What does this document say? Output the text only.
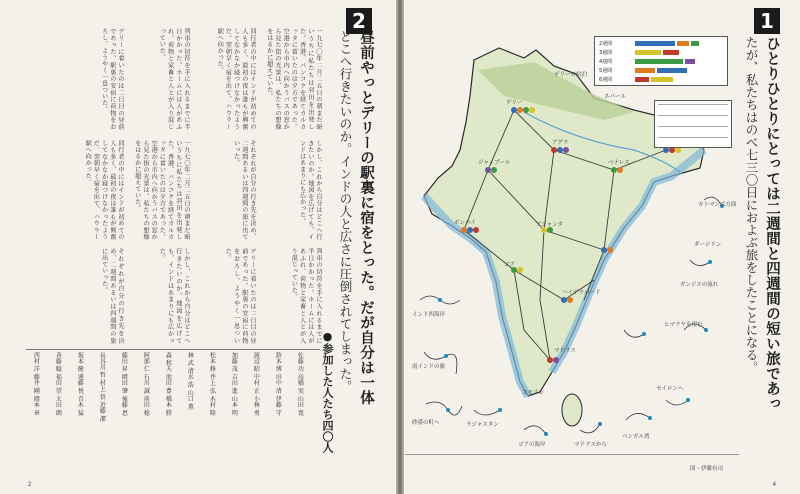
2
昼前やっとデリーの駅裏に宿をとった。だが自分は一体
どこへ行きたいのか。インドの人と広さに圧倒されてしまった。
●参加した人たち四〇人
一九七〇年二月二五日の朝まだ暗いうちに私たちは羽田を出発した。香港、バンコクを経てカルカッタに着いたのは夕方であった。空港から市内へ向かうバスの窓から見た街の光景は、私たちの想像をはるかに超えていた。
同行者の中にはインドが初めての人も多く、最初の夜は誰もが興奮してなかなか寝つけなかったようだ。翌朝早く宿を出て、ハウラー駅へ向かった。
列車の切符を手に入れるまでに半日かかった。ホームには人があふれ、荷物と家畜と人とが入り混じっていた。
デリーに着いたのは二日目の昼前であった。駅裏の安宿に荷物をおろし、ようやく一息ついた。
しかし、これから自分はどこへ行きたいのか。地図を広げても、インドはあまりにも広かった。
それぞれが自分の行き先を決め、二週間あるいは四週間の旅に出ていった。
一九七〇年二月二五日の朝まだ暗いうちに私たちは羽田を出発した。香港、バンコクを経てカルカッタに着いたのは夕方であった。空港から市内へ向かうバスの窓から見た街の光景は、私たちの想像をはるかに超えていた。
同行者の中にはインドが初めての人も多く、最初の夜は誰もが興奮してなかなか寝つけなかったようだ。翌朝早く宿を出て、ハウラー駅へ向かった。
列車の切符を手に入れるまでに半日かかった。ホームには人があふれ、荷物と家畜と人とが入り混じっていた。
デリーに着いたのは二日目の昼前であった。駅裏の安宿に荷物をおろし、ようやく一息ついた。
しかし、これから自分はどこへ行きたいのか。地図を広げても、インドはあまりにも広かった。
それぞれが自分の行き先を決め、二週間あるいは四週間の旅に出ていった。
佐藤 功 高橋 実 山田 寛
鈴木 博 田中 清 伊藤 守
渡辺 昭 中村 正 小林 勇
加藤 茂 吉田 進 山本 明
松本 修 井上 弘 木村 隆
林 武 清水 浩 山口 薫
森 和夫 池田 豊 橋本 勝
阿部 仁 石川 誠 前田 稔
藤田 昇 岡田 肇 後藤 恵
長谷川 哲 村上 悟 近藤 潔
坂本 健 遠藤 悦 青木 猛
斉藤 聡 福田 望 太田 朗
西村 洋 藤井 剛 岡本 章
2
1
ひとりひとりにとっては二週間と四週間の短い旅であっ
たが、私たちはのべ七三〇日におよぶ旅をしたことになる。
デリー
アグラ
ベナレス
ボンベイ
マドラス
ゴア
ハイデラバード
ジャイプール
ネパール
アジャンタ
コモリン
デリーの宿泊
2週間
3週間
4週間
5週間
6週間
カトマンズ方面
ダージリン
ガンジスの流れ
ヒマラヤを望む
セイロンへ
インド西海岸
南インドの旅
砂漠の町へ	ラジャスタン
ゴアの海岸	マドラスから
ベンガル湾
図・伊藤有司
4
